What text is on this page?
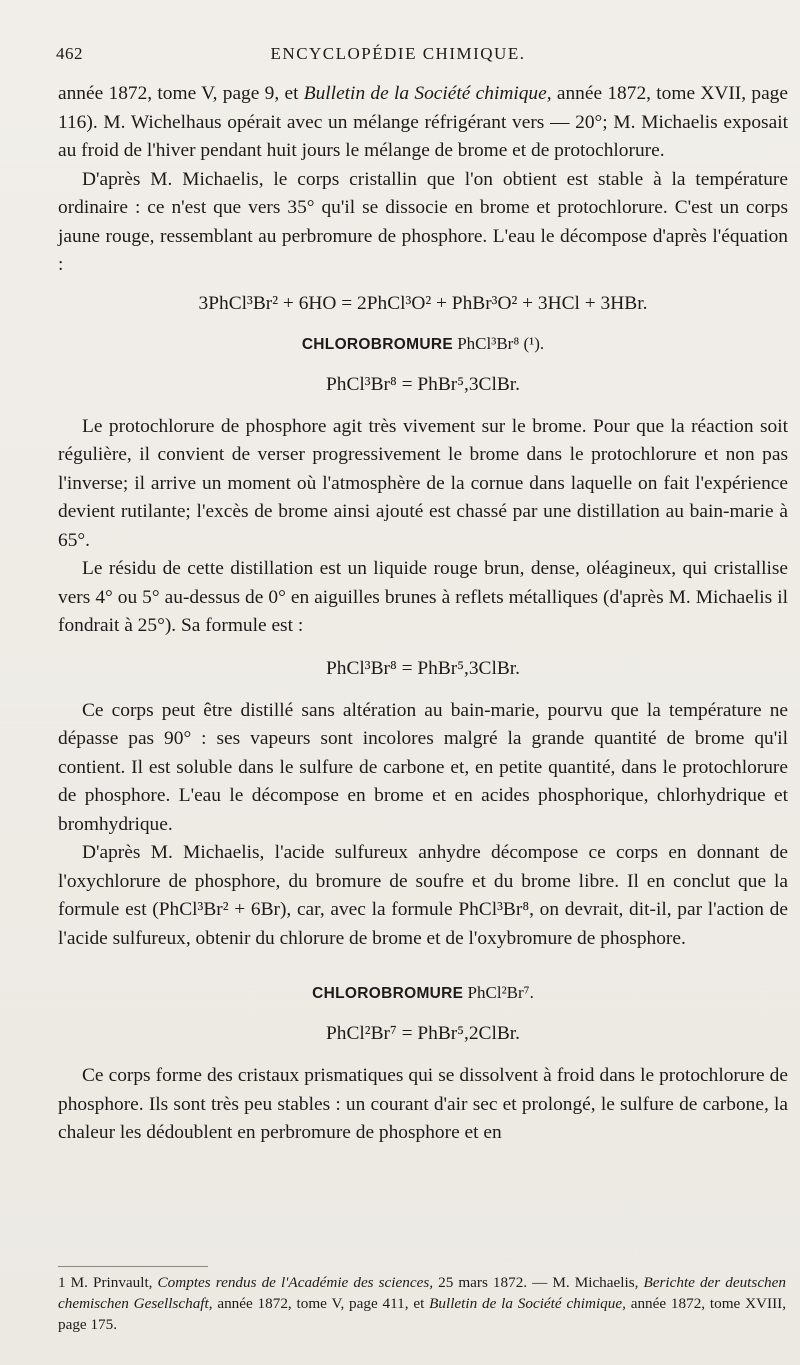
462	ENCYCLOPÉDIE CHIMIQUE.

année 1872, tome V, page 9, et Bulletin de la Société chimique, année 1872, tome XVII, page 116). M. Wichelhaus opérait avec un mélange réfrigérant vers — 20°; M. Michaelis exposait au froid de l'hiver pendant huit jours le mélange de brome et de protochlorure.

D'après M. Michaelis, le corps cristallin que l'on obtient est stable à la température ordinaire : ce n'est que vers 35° qu'il se dissocie en brome et protochlorure. C'est un corps jaune rouge, ressemblant au perbromure de phosphore. L'eau le décompose d'après l'équation :

3PhCl³Br² + 6HO = 2PhCl³O² + PhBr³O² + 3HCl + 3HBr.
CHLOROBROMURE PhCl³Br⁸ (¹).
PhCl³Br⁸ = PhBr⁵,3ClBr.

Le protochlorure de phosphore agit très vivement sur le brome. Pour que la réaction soit régulière, il convient de verser progressivement le brome dans le protochlorure et non pas l'inverse; il arrive un moment où l'atmosphère de la cornue dans laquelle on fait l'expérience devient rutilante; l'excès de brome ainsi ajouté est chassé par une distillation au bain-marie à 65°.

Le résidu de cette distillation est un liquide rouge brun, dense, oléagineux, qui cristallise vers 4° ou 5° au-dessus de 0° en aiguilles brunes à reflets métalliques (d'après M. Michaelis il fondrait à 25°). Sa formule est :

PhCl³Br⁸ = PhBr⁵,3ClBr.

Ce corps peut être distillé sans altération au bain-marie, pourvu que la température ne dépasse pas 90° : ses vapeurs sont incolores malgré la grande quantité de brome qu'il contient. Il est soluble dans le sulfure de carbone et, en petite quantité, dans le protochlorure de phosphore. L'eau le décompose en brome et en acides phosphorique, chlorhydrique et bromhydrique.

D'après M. Michaelis, l'acide sulfureux anhydre décompose ce corps en donnant de l'oxychlorure de phosphore, du bromure de soufre et du brome libre. Il en conclut que la formule est (PhCl³Br² + 6Br), car, avec la formule PhCl³Br⁸, on devrait, dit-il, par l'action de l'acide sulfureux, obtenir du chlorure de brome et de l'oxybromure de phosphore.

CHLOROBROMURE PhCl²Br⁷.
PhCl²Br⁷ = PhBr⁵,2ClBr.

Ce corps forme des cristaux prismatiques qui se dissolvent à froid dans le protochlorure de phosphore. Ils sont très peu stables : un courant d'air sec et prolongé, le sulfure de carbone, la chaleur les dédoublent en perbromure de phosphore et en

1 M. Prinvault, Comptes rendus de l'Académie des sciences, 25 mars 1872. — M. Michaelis, Berichte der deutschen chemischen Gesellschaft, année 1872, tome V, page 411, et Bulletin de la Société chimique, année 1872, tome XVIII, page 175.
